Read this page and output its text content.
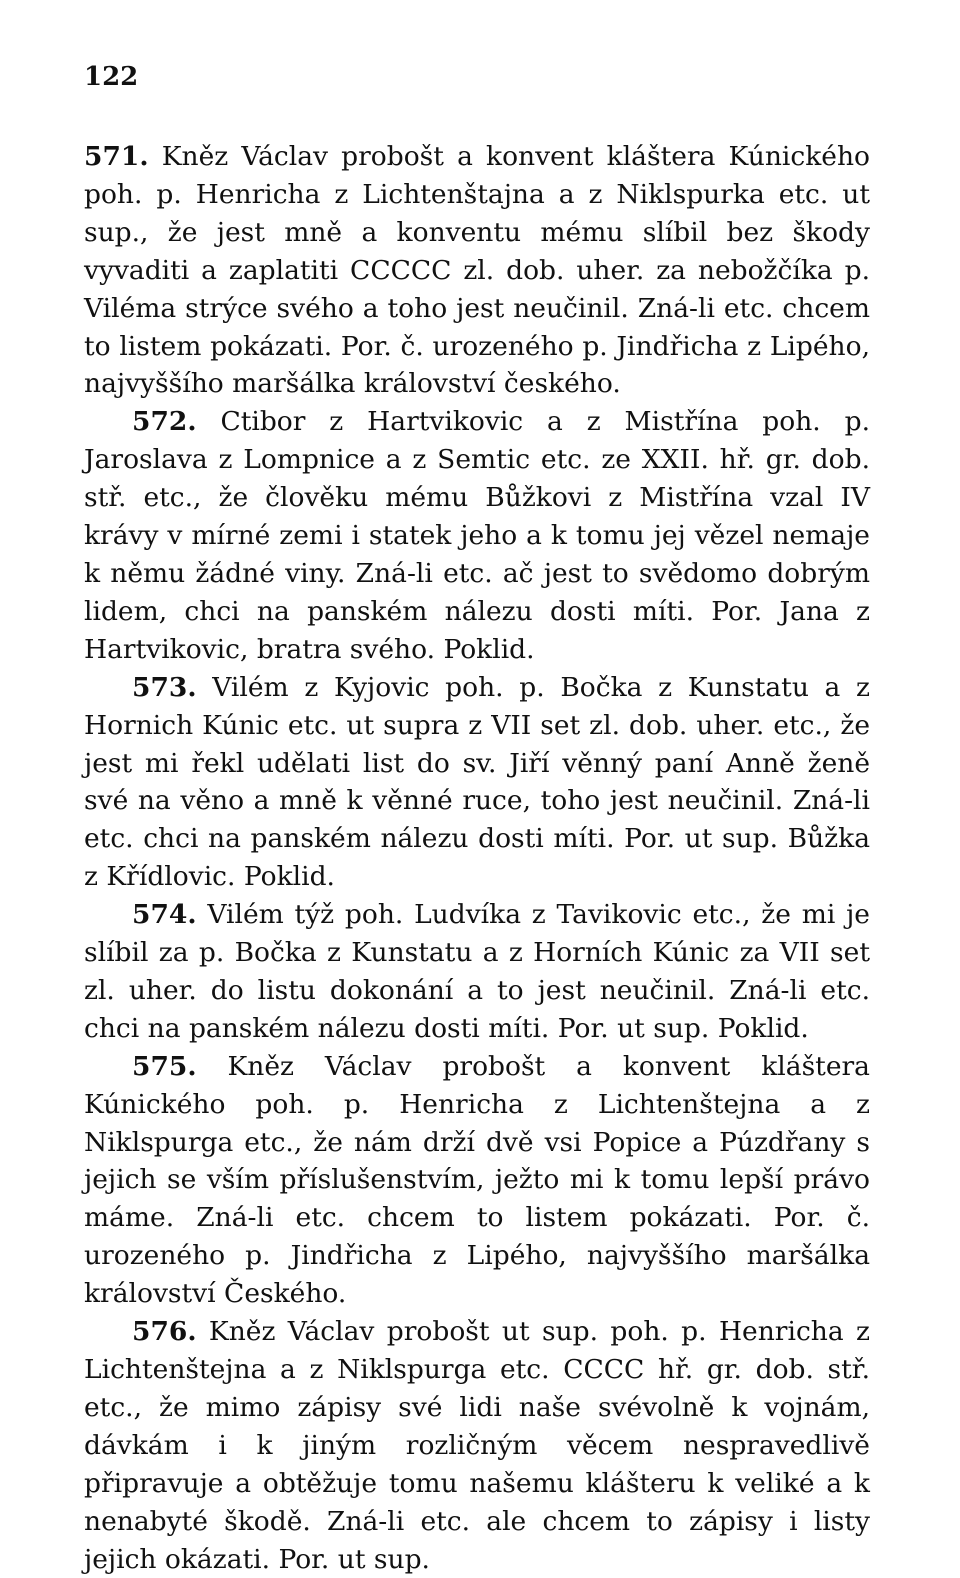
122

571. Kněz Václav probošt a konvent kláštera Kúnického poh. p. Henricha z Lichtenštajna a z Niklspurka etc. ut sup., že jest mně a konventu mému slíbil bez škody vyvaditi a zaplatiti CCCCC zl. dob. uher. za nebožčíka p. Viléma strýce svého a toho jest neučinil. Zná-li etc. chcem to listem pokázati. Por. č. urozeného p. Jindřicha z Lipého, najvyššího maršálka království českého.

572. Ctibor z Hartvikovic a z Mistřína poh. p. Jaroslava z Lompnice a z Semtic etc. ze XXII. hř. gr. dob. stř. etc., že člověku mému Bůžkovi z Mistřína vzal IV krávy v mírné zemi i statek jeho a k tomu jej vězel nemaje k němu žádné viny. Zná-li etc. ač jest to svědomo dobrým lidem, chci na panském nálezu dosti míti. Por. Jana z Hartvikovic, bratra svého. Poklid.

573. Vilém z Kyjovic poh. p. Bočka z Kunstatu a z Hornich Kúnic etc. ut supra z VII set zl. dob. uher. etc., že jest mi řekl udělati list do sv. Jiří věnný paní Anně ženě své na věno a mně k věnné ruce, toho jest neučinil. Zná-li etc. chci na panském nálezu dosti míti. Por. ut sup. Bůžka z Křídlovic. Poklid.

574. Vilém týž poh. Ludvíka z Tavikovic etc., že mi je slíbil za p. Bočka z Kunstatu a z Horních Kúnic za VII set zl. uher. do listu dokonání a to jest neučinil. Zná-li etc. chci na panském nálezu dosti míti. Por. ut sup. Poklid.

575. Kněz Václav probošt a konvent kláštera Kúnického poh. p. Henricha z Lichtenštejna a z Niklspurga etc., že nám drží dvě vsi Popice a Púzdřany s jejich se vším příslušenstvím, ježto mi k tomu lepší právo máme. Zná-li etc. chcem to listem pokázati. Por. č. urozeného p. Jindřicha z Lipého, najvyššího maršálka království Českého.

576. Kněz Václav probošt ut sup. poh. p. Henricha z Lichtenštejna a z Niklspurga etc. CCCC hř. gr. dob. stř. etc., že mimo zápisy své lidi naše svévolně k vojnám, dávkám i k jiným rozličným věcem nespravedlivě připravuje a obtěžuje tomu našemu klášteru k veliké a k nenabyté škodě. Zná-li etc. ale chcem to zápisy i listy jejich okázati. Por. ut sup.
